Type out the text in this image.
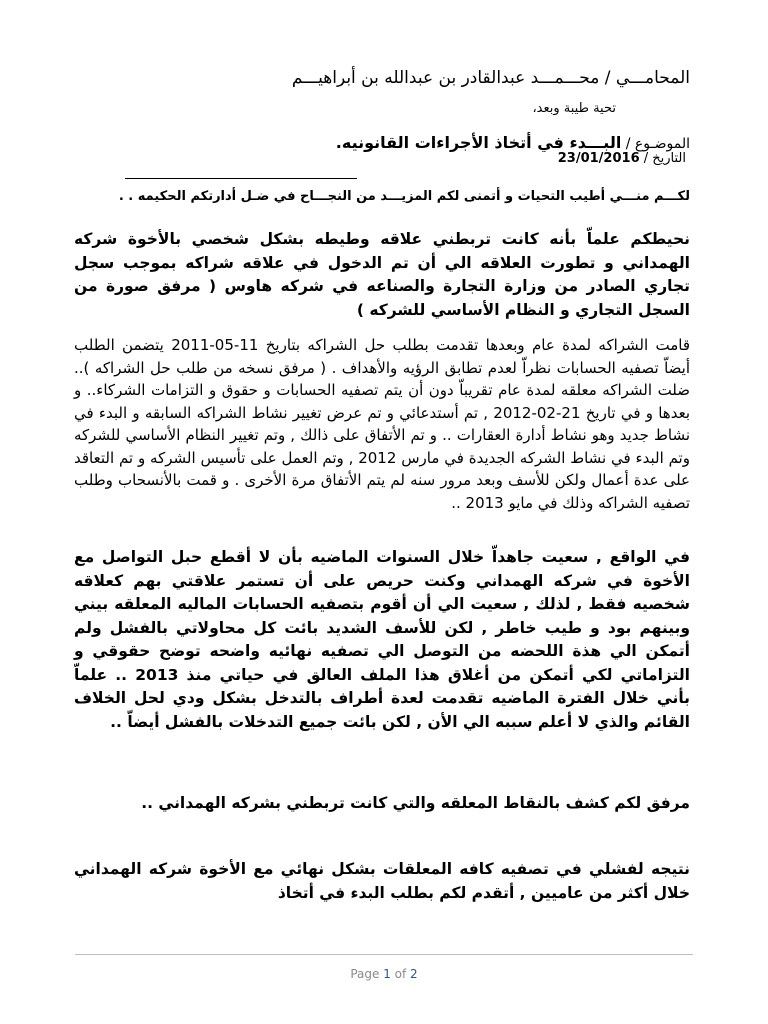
المحامـــي / محـــمـــد عبدالقادر بن عبدالله بن أبراهيـــم
تحية طيبة وبعد،
الموضـوع / البـــدء في أتخاذ الأجراءات القانونيه.
التاريخ / 23/01/2016
لكـــم منـــي أطيب التحيات و أتمنى لكم المزيـــد من النجـــاح في ضـل أدارتكم الحكيمه . .
نحيطكم علماّ بأنه كانت تربطني علاقه وطيطه بشكل شخصي بالأخوة شركه الهمداني و تطورت العلاقه الي أن تم الدخول في علاقه شراكه بموجب سجل تجاري الصادر من وزارة التجارة والصناعه في شركه هاوس ( مرفق صورة من السجل التجاري و النظام الأساسي للشركه )
قامت الشراكه لمدة عام وبعدها تقدمت بطلب حل الشراكه بتاريخ 11-05-2011 يتضمن الطلب أيضاّ تصفيه الحسابات نظراّ لعدم تطابق الرؤيه والأهداف . ( مرفق نسخه من طلب حل الشراكه ).. ضلت الشراكه معلقه لمدة عام تقريباّ دون أن يتم تصفيه الحسابات و حقوق و التزامات الشركاء.. و بعدها و في تاريخ 21-02-2012 , تم أستدعائي و تم عرض تغيير نشاط الشراكه السابقه و البدء في نشاط جديد وهو نشاط أدارة العقارات .. و تم الأتفاق على ذالك , وتم تغيير النظام الأساسي للشركه وتم البدء في نشاط الشركه الجديدة في مارس 2012 , وتم العمل على تأسيس الشركه و تم التعاقد على عدة أعمال ولكن للأسف وبعد مرور سنه لم يتم الأتفاق مرة الأخرى . و قمت بالأنسحاب وطلب تصفيه الشراكه وذلك في مايو 2013 ..
في الواقع , سعيت جاهداّ خلال السنوات الماضيه بأن لا أقطع حبل التواصل مع الأخوة في شركه الهمداني وكنت حريص على أن تستمر علاقتي بهم كعلاقه شخصيه فقط , لذلك , سعيت الي أن أقوم بتصفيه الحسابات الماليه المعلقه بيني وبينهم بود و طيب خاطر , لكن للأسف الشديد بائت كل محاولاتي بالفشل ولم أتمكن الي هذة اللحضه من التوصل الي تصفيه نهائيه واضحه توضح حقوقي و التزاماتي لكي أتمكن من أغلاق هذا الملف العالق في حياتي منذ 2013 .. علماّ بأني خلال الفترة الماضيه تقدمت لعدة أطراف بالتدخل بشكل ودي لحل الخلاف القائم والذي لا أعلم سببه الي الأن , لكن بائت جميع التدخلات بالفشل أيضاّ ..
مرفق لكم كشف بالنقاط المعلقه والتي كانت تربطني بشركه الهمداني ..
نتيجه لفشلي في تصفيه كافه المعلقات بشكل نهائي مع الأخوة شركه الهمداني خلال أكثر من عاميين , أتقدم لكم بطلب البدء في أتخاذ
Page 1 of 2
